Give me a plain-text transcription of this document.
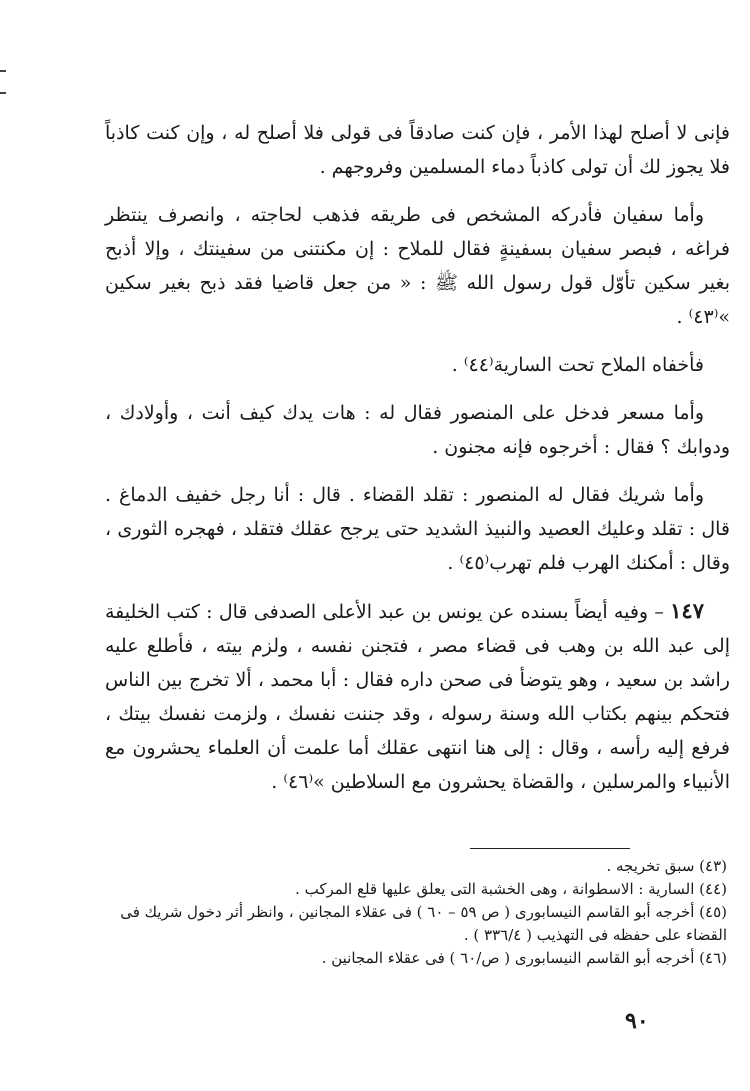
فإنى لا أصلح لهذا الأمر ، فإن كنت صادقاً فى قولى فلا أصلح له ، وإن كنت كاذباً فلا يجوز لك أن تولى كاذباً دماء المسلمين وفروجهم .

وأما سفيان فأدركه المشخص فى طريقه فذهب لحاجته ، وانصرف ينتظر فراغه ، فبصر سفيان بسفينةٍ فقال للملاح : إن مكنتنى من سفينتك ، وإلا أذبح بغير سكين تأوّل قول رسول الله ﷺ : « من جعل قاضيا فقد ذبح بغير سكين »⁽٤٣⁾ .

فأخفاه الملاح تحت السارية⁽٤٤⁾ .

وأما مسعر فدخل على المنصور فقال له : هات يدك كيف أنت ، وأولادك ، ودوابك ؟ فقال : أخرجوه فإنه مجنون .

وأما شريك فقال له المنصور : تقلد القضاء . قال : أنا رجل خفيف الدماغ . قال : تقلد وعليك العصيد والنبيذ الشديد حتى يرجح عقلك فتقلد ، فهجره الثورى ، وقال : أمكنك الهرب فلم تهرب⁽٤٥⁾ .

١٤٧ – وفيه أيضاً بسنده عن يونس بن عبد الأعلى الصدفى قال : كتب الخليفة إلى عبد الله بن وهب فى قضاء مصر ، فتجنن نفسه ، ولزم بيته ، فأطلع عليه راشد بن سعيد ، وهو يتوضأ فى صحن داره فقال : أبا محمد ، ألا تخرج بين الناس فتحكم بينهم بكتاب الله وسنة رسوله ، وقد جننت نفسك ، ولزمت نفسك بيتك ، فرفع إليه رأسه ، وقال : إلى هنا انتهى عقلك أما علمت أن العلماء يحشرون مع الأنبياء والمرسلين ، والقضاة يحشرون مع السلاطين »⁽٤٦⁾ .

(٤٣) سبق تخريجه .

(٤٤) السارية : الاسطوانة ، وهى الخشبة التى يعلق عليها قلع المركب .

(٤٥) أخرجه أبو القاسم النيسابورى ( ص ٥٩ – ٦٠ ) فى عقلاء المجانين ، وانظر أثر دخول شريك فى القضاء على حفظه فى التهذيب ( ٣٣٦/٤ ) .

(٤٦) أخرجه أبو القاسم النيسابورى ( ص/٦٠ ) فى عقلاء المجانين .

٩٠
